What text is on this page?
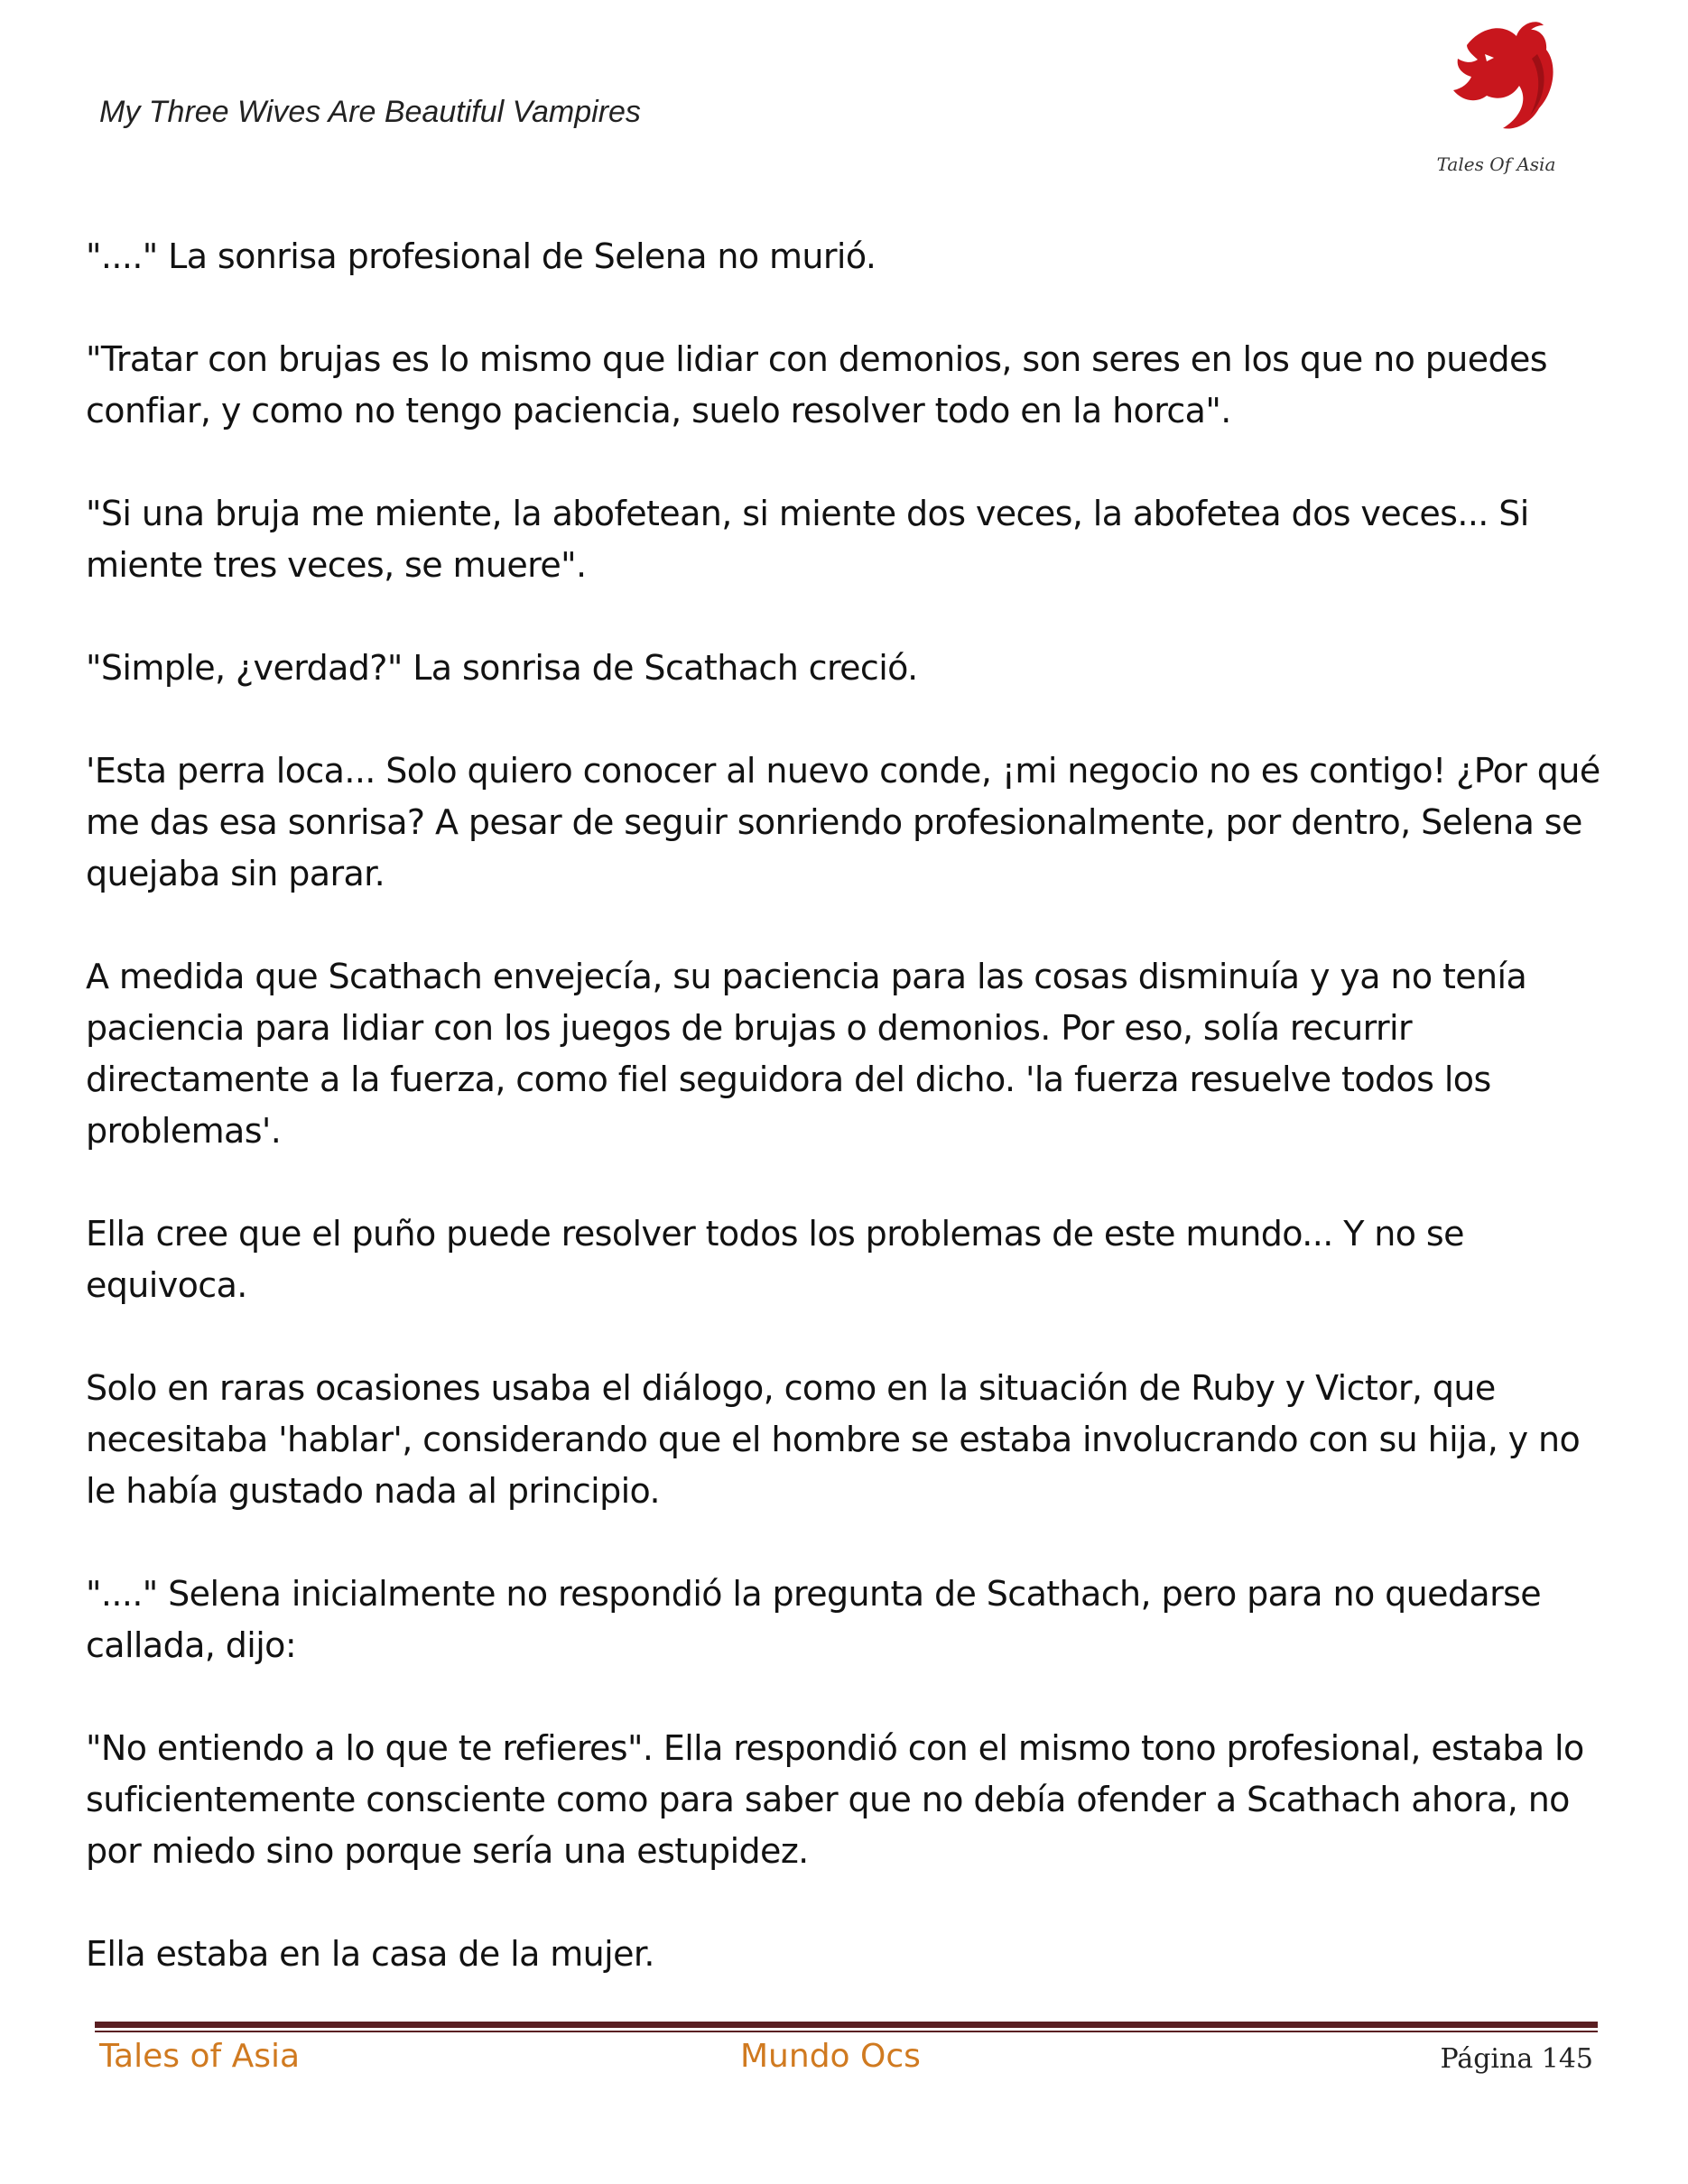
My Three Wives Are Beautiful Vampires
Tales Of Asia

"...." La sonrisa profesional de Selena no murió.

"Tratar con brujas es lo mismo que lidiar con demonios, son seres en los que no puedes confiar, y como no tengo paciencia, suelo resolver todo en la horca".

"Si una bruja me miente, la abofetean, si miente dos veces, la abofetea dos veces... Si miente tres veces, se muere".

"Simple, ¿verdad?" La sonrisa de Scathach creció.

'Esta perra loca... Solo quiero conocer al nuevo conde, ¡mi negocio no es contigo! ¿Por qué me das esa sonrisa? A pesar de seguir sonriendo profesionalmente, por dentro, Selena se quejaba sin parar.

A medida que Scathach envejecía, su paciencia para las cosas disminuía y ya no tenía paciencia para lidiar con los juegos de brujas o demonios. Por eso, solía recurrir directamente a la fuerza, como fiel seguidora del dicho. 'la fuerza resuelve todos los problemas'.

Ella cree que el puño puede resolver todos los problemas de este mundo... Y no se equivoca.

Solo en raras ocasiones usaba el diálogo, como en la situación de Ruby y Victor, que necesitaba 'hablar', considerando que el hombre se estaba involucrando con su hija, y no le había gustado nada al principio.

"...." Selena inicialmente no respondió la pregunta de Scathach, pero para no quedarse callada, dijo:

"No entiendo a lo que te refieres". Ella respondió con el mismo tono profesional, estaba lo suficientemente consciente como para saber que no debía ofender a Scathach ahora, no por miedo sino porque sería una estupidez.

Ella estaba en la casa de la mujer.

Tales of Asia	Mundo Ocs	Página 145
